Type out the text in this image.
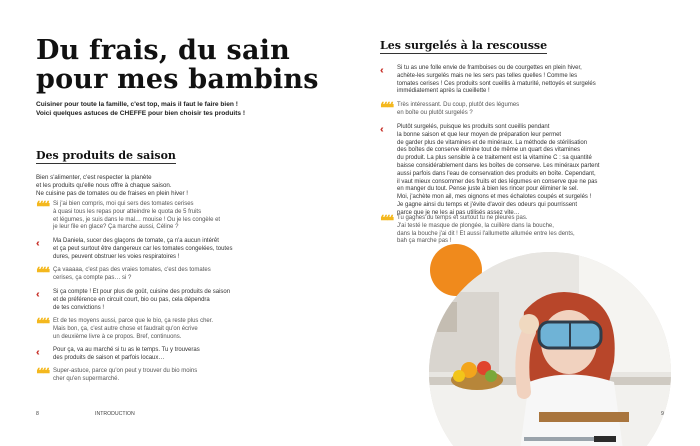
Du frais, du sain
pour mes bambins
Cuisiner pour toute la famille, c'est top, mais il faut le faire bien !
Voici quelques astuces de CHEFFE pour bien choisir tes produits !
Des produits de saison
Bien s'alimenter, c'est respecter la planète
et les produits qu'elle nous offre à chaque saison.
Ne cuisine pas de tomates ou de fraises en plein hiver !
❝❝ Si j'ai bien compris, moi qui sers des tomates cerises
à quasi tous les repas pour atteindre le quota de 5 fruits
et légumes, je suis dans le mal… mouise ! Ou je les congèle et
je leur file en glace? Ça marche aussi, Céline ?
‹‹	Ma Daniela, sucer des glaçons de tomate, ça n'a aucun intérêt
et ça peut surtout être dangereux car les tomates congelées, toutes
dures, peuvent obstruer les voies respiratoires !
❝❝ Ça vaaaaa, c'est pas des vraies tomates, c'est des tomates
cerises, ça compte pas… si ?
‹‹	Si ça compte ! Et pour plus de goût, cuisine des produits de saison
et de préférence en circuit court, bio ou pas, cela dépendra
de tes convictions !
❝❝ Et de tes moyens aussi, parce que le bio, ça reste plus cher.
Mais bon, ça, c'est autre chose et faudrait qu'on écrive
un deuxième livre à ce propos. Bref, continuons.
‹‹	Pour ça, va au marché si tu as le temps. Tu y trouveras
des produits de saison et parfois locaux…
❝❝ Super-astuce, parce qu'on peut y trouver du bio moins
cher qu'en supermarché.
8	INTRODUCTION
Les surgelés à la rescousse
‹‹	Si tu as une folle envie de framboises ou de courgettes en plein hiver,
achète-les surgelés mais ne les sers pas telles quelles ! Comme les
tomates cerises ! Ces produits sont cueillis à maturité, nettoyés et surgelés
immédiatement après la cueillette !
❝❝ Très intéressant. Du coup, plutôt des légumes
en boîte ou plutôt surgelés ?
‹‹	Plutôt surgelés, puisque les produits sont cueillis pendant
la bonne saison et que leur moyen de préparation leur permet
de garder plus de vitamines et de minéraux. La méthode de stérilisation
des boîtes de conserve élimine tout de même un quart des vitamines
du produit. La plus sensible à ce traitement est la vitamine C : sa quantité
baisse considérablement dans les boîtes de conserve. Les minéraux partent
aussi parfois dans l'eau de conservation des produits en boîte. Cependant,
il vaut mieux consommer des fruits et des légumes en conserve que ne pas
en manger du tout. Pense juste à bien les rincer pour éliminer le sel.
Moi, j'achète mon ail, mes oignons et mes échalotes coupés et surgelés !
Je gagne ainsi du temps et j'évite d'avoir des odeurs qui pourrissent
parce que je ne les ai pas utilisés assez vite…
❝❝ Tu gagnes du temps et surtout tu ne pleures pas.
J'ai testé le masque de plongée, la cuillère dans la bouche,
dans la bouche j'ai dit ! Et aussi l'allumette allumée entre les dents,
bah ça marche pas !
9
